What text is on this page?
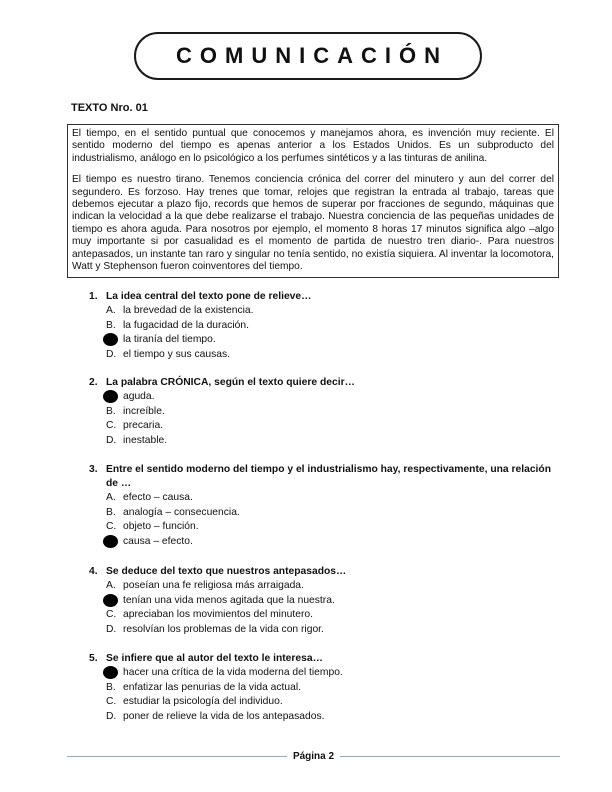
COMUNICACIÓN
TEXTO Nro. 01

El tiempo, en el sentido puntual que conocemos y manejamos ahora, es invención muy reciente. El sentido moderno del tiempo es apenas anterior a los Estados Unidos. Es un subproducto del industrialismo, análogo en lo psicológico a los perfumes sintéticos y a las tinturas de anilina.

El tiempo es nuestro tirano. Tenemos conciencia crónica del correr del minutero y aun del correr del segundero. Es forzoso. Hay trenes que tomar, relojes que registran la entrada al trabajo, tareas que debemos ejecutar a plazo fijo, records que hemos de superar por fracciones de segundo, máquinas que indican la velocidad a la que debe realizarse el trabajo. Nuestra conciencia de las pequeñas unidades de tiempo es ahora aguda. Para nosotros por ejemplo, el momento 8 horas 17 minutos significa algo –algo muy importante si por casualidad es el momento de partida de nuestro tren diario-. Para nuestros antepasados, un instante tan raro y singular no tenía sentido, no existía siquiera. Al inventar la locomotora, Watt y Stephenson fueron coinventores del tiempo.

1. La idea central del texto pone de relieve…
A. la brevedad de la existencia.
B. la fugacidad de la duración.
la tiranía del tiempo.
D. el tiempo y sus causas.
2. La palabra CRÓNICA, según el texto quiere decir…
aguda.
B. increíble.
C. precaria.
D. inestable.
3. Entre el sentido moderno del tiempo y el industrialismo hay, respectivamente, una relación de …
A. efecto – causa.
B. analogía – consecuencia.
C. objeto – función.
causa – efecto.
4. Se deduce del texto que nuestros antepasados…
A. poseían una fe religiosa más arraigada.
tenían una vida menos agitada que la nuestra.
C. apreciaban los movimientos del minutero.
D. resolvían los problemas de la vida con rigor.
5. Se infiere que al autor del texto le interesa…
hacer una crítica de la vida moderna del tiempo.
B. enfatizar las penurias de la vida actual.
C. estudiar la psicología del individuo.
D. poner de relieve la vida de los antepasados.
Página 2
